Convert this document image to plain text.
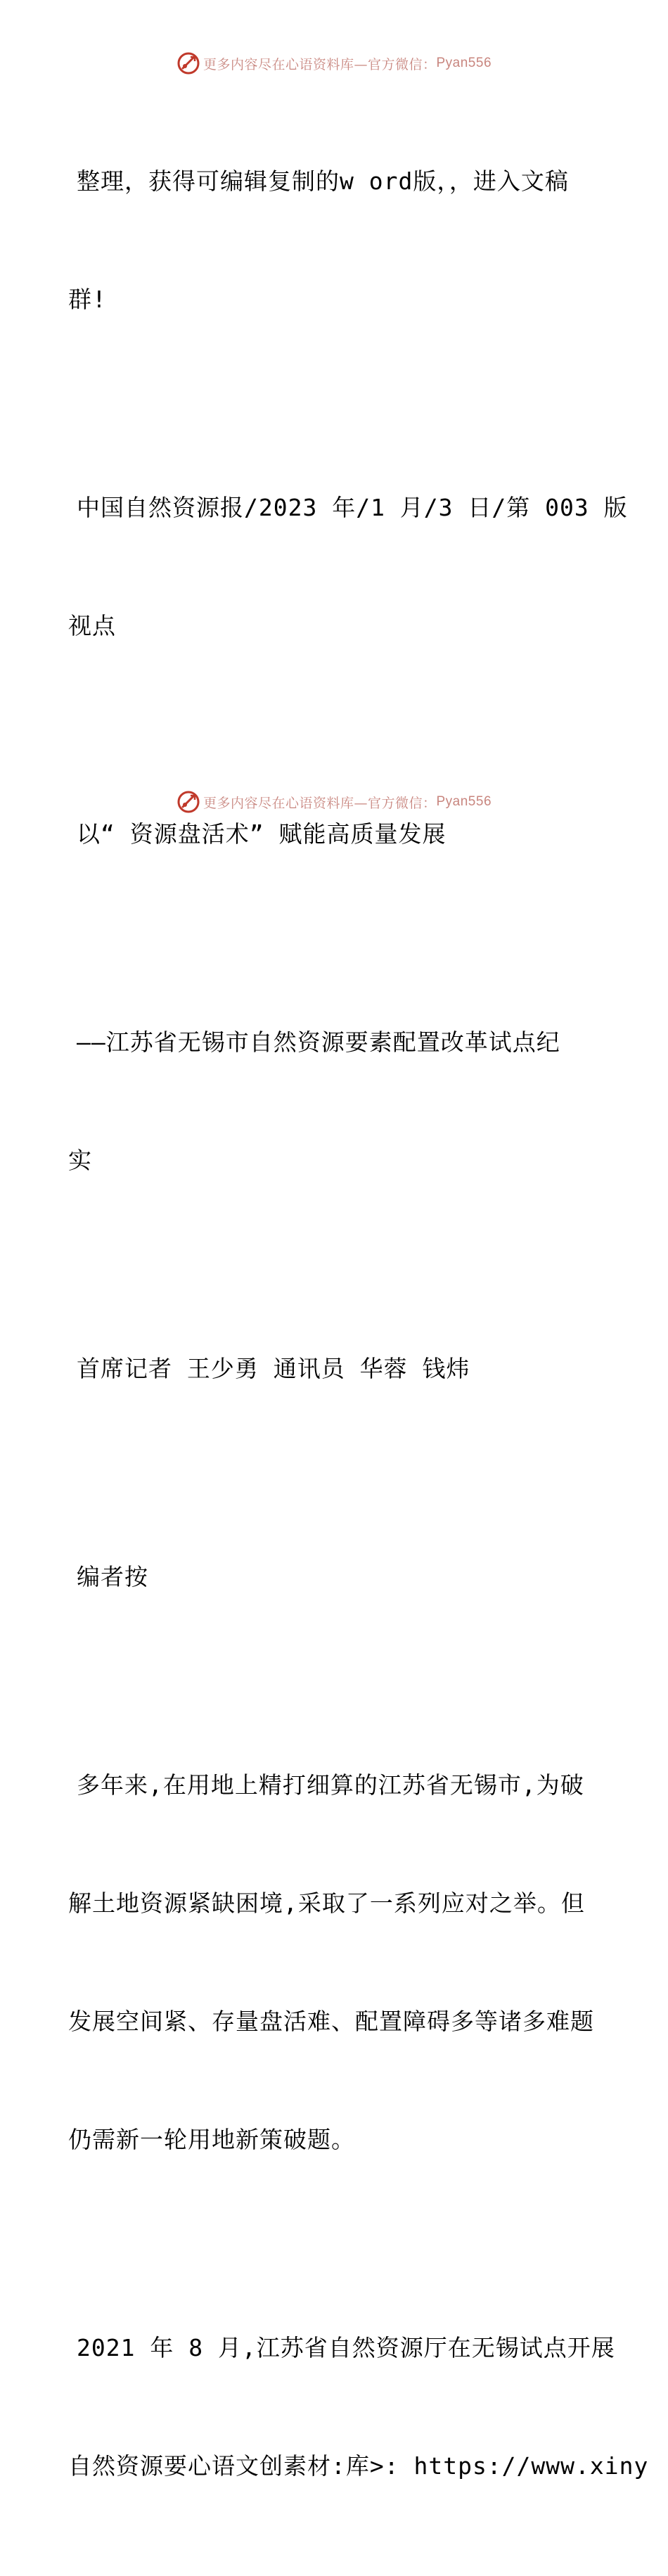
更多内容尽在心语资料库—官方微信： Pyan556

整理，获得可编辑复制的w ord版，，进入文稿

群!

中国自然资源报/2023 年/1 月/3 日/第 003 版

视点

以“ 资源盘活术” 赋能高质量发展

——江苏省无锡市自然资源要素配置改革试点纪

实

首席记者 王少勇 通讯员 华蓉 钱炜

编者按

多年来,在用地上精打细算的江苏省无锡市,为破

解土地资源紧缺困境,采取了一系列应对之举。但

发展空间紧、存量盘活难、配置障碍多等诸多难题

仍需新一轮用地新策破题。

2021 年 8 月,江苏省自然资源厅在无锡试点开展

自然资源要心语文创素材:库>: https://www.xiny

更多内容尽在心语资料库—官方微信： Pyan556
